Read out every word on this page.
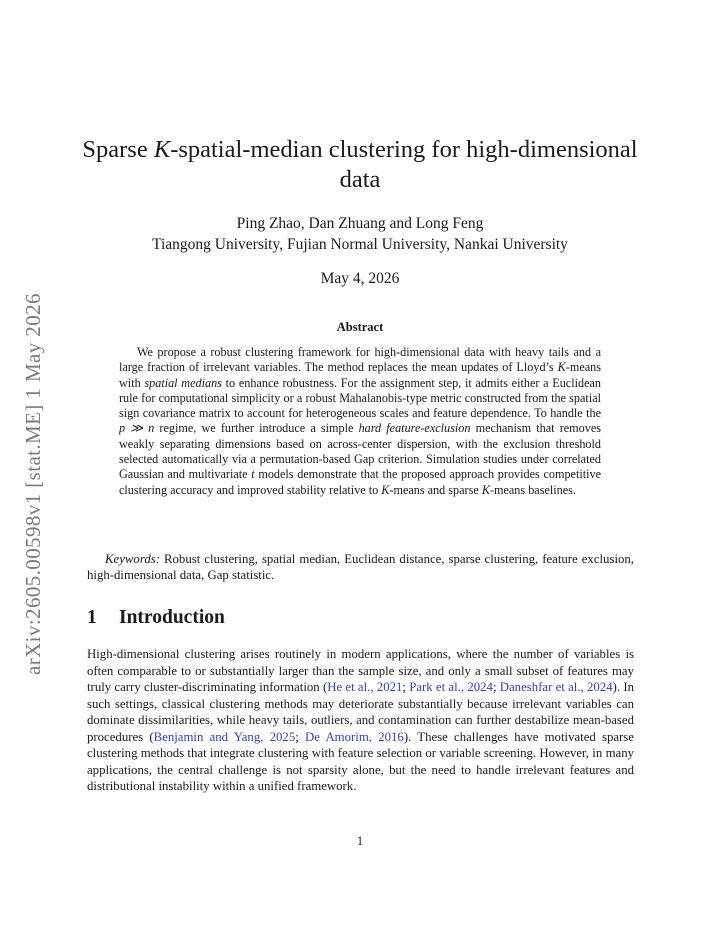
arXiv:2605.00598v1 [stat.ME] 1 May 2026
Sparse K-spatial-median clustering for high-dimensional data
Ping Zhao, Dan Zhuang and Long Feng
Tiangong University, Fujian Normal University, Nankai University
May 4, 2026
Abstract
We propose a robust clustering framework for high-dimensional data with heavy tails and a large fraction of irrelevant variables. The method replaces the mean updates of Lloyd’s K-means with spatial medians to enhance robustness. For the assignment step, it admits either a Euclidean rule for computational simplicity or a robust Mahalanobis-type metric constructed from the spatial sign covariance matrix to account for heterogeneous scales and feature dependence. To handle the p ≫ n regime, we further introduce a simple hard feature-exclusion mechanism that removes weakly separating dimensions based on across-center dispersion, with the exclusion threshold selected automatically via a permutation-based Gap criterion. Simulation studies under correlated Gaussian and multivariate t models demonstrate that the proposed approach provides competitive clustering accuracy and improved stability relative to K-means and sparse K-means baselines.
Keywords: Robust clustering, spatial median, Euclidean distance, sparse clustering, feature exclusion, high-dimensional data, Gap statistic.
1 Introduction
High-dimensional clustering arises routinely in modern applications, where the number of variables is often comparable to or substantially larger than the sample size, and only a small subset of features may truly carry cluster-discriminating information (He et al., 2021; Park et al., 2024; Daneshfar et al., 2024). In such settings, classical clustering methods may deteriorate substantially because irrelevant variables can dominate dissimilarities, while heavy tails, outliers, and contamination can further destabilize mean-based procedures (Benjamin and Yang, 2025; De Amorim, 2016). These challenges have motivated sparse clustering methods that integrate clustering with feature selection or variable screening. However, in many applications, the central challenge is not sparsity alone, but the need to handle irrelevant features and distributional instability within a unified framework.
1
